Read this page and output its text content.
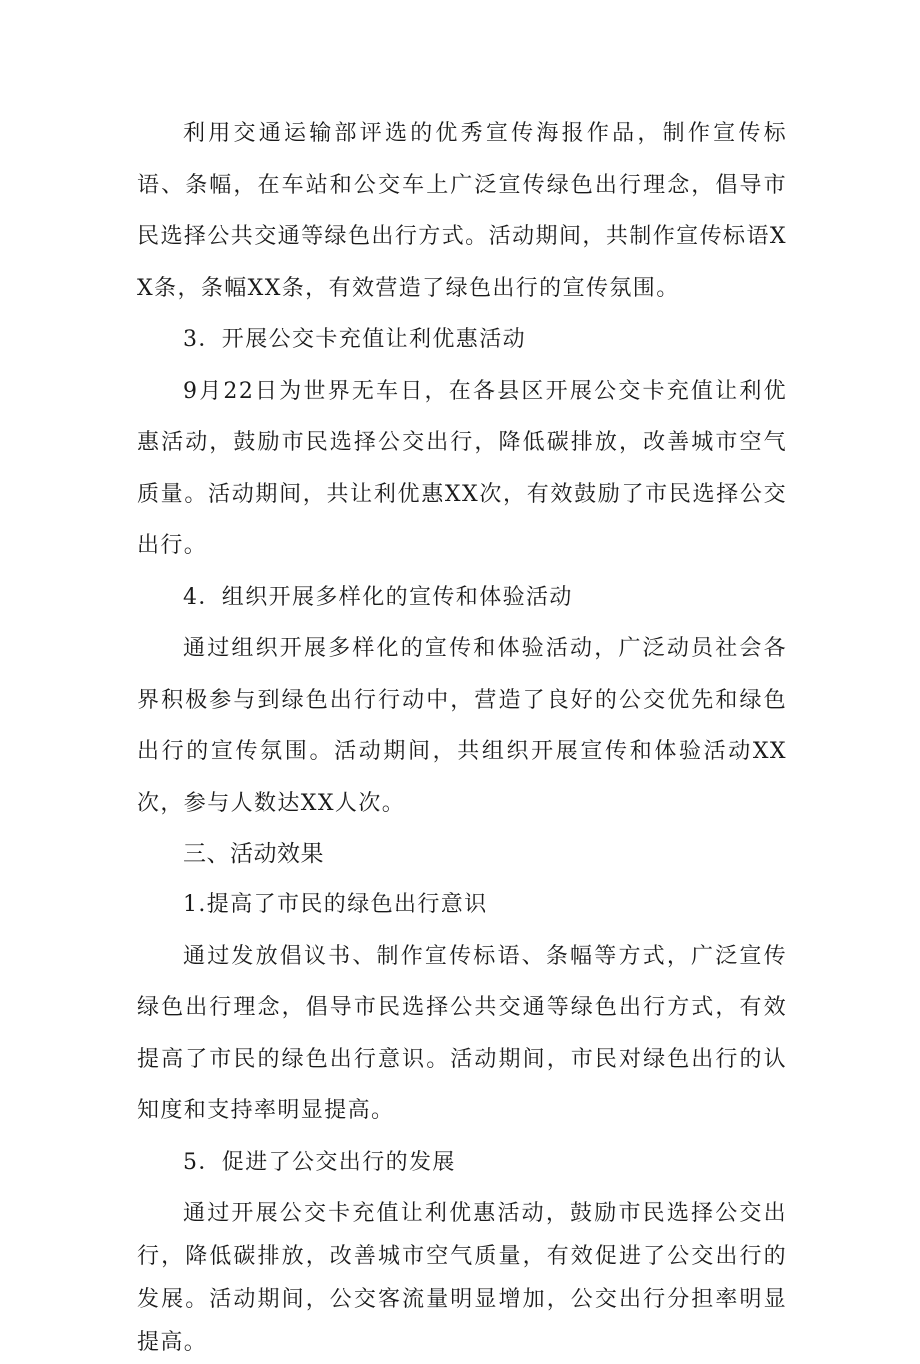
利用交通运输部评选的优秀宣传海报作品，制作宣传标语、条幅，在车站和公交车上广泛宣传绿色出行理念，倡导市民选择公共交通等绿色出行方式。活动期间，共制作宣传标语XX条，条幅XX条，有效营造了绿色出行的宣传氛围。

3．开展公交卡充值让利优惠活动

9月22日为世界无车日，在各县区开展公交卡充值让利优惠活动，鼓励市民选择公交出行，降低碳排放，改善城市空气质量。活动期间，共让利优惠XX次，有效鼓励了市民选择公交出行。

4．组织开展多样化的宣传和体验活动

通过组织开展多样化的宣传和体验活动，广泛动员社会各界积极参与到绿色出行行动中，营造了良好的公交优先和绿色出行的宣传氛围。活动期间，共组织开展宣传和体验活动XX次，参与人数达XX人次。

三、活动效果

1.提高了市民的绿色出行意识

通过发放倡议书、制作宣传标语、条幅等方式，广泛宣传绿色出行理念，倡导市民选择公共交通等绿色出行方式，有效提高了市民的绿色出行意识。活动期间，市民对绿色出行的认知度和支持率明显提高。

5．促进了公交出行的发展

通过开展公交卡充值让利优惠活动，鼓励市民选择公交出行，降低碳排放，改善城市空气质量，有效促进了公交出行的发展。活动期间，公交客流量明显增加，公交出行分担率明显提高。
